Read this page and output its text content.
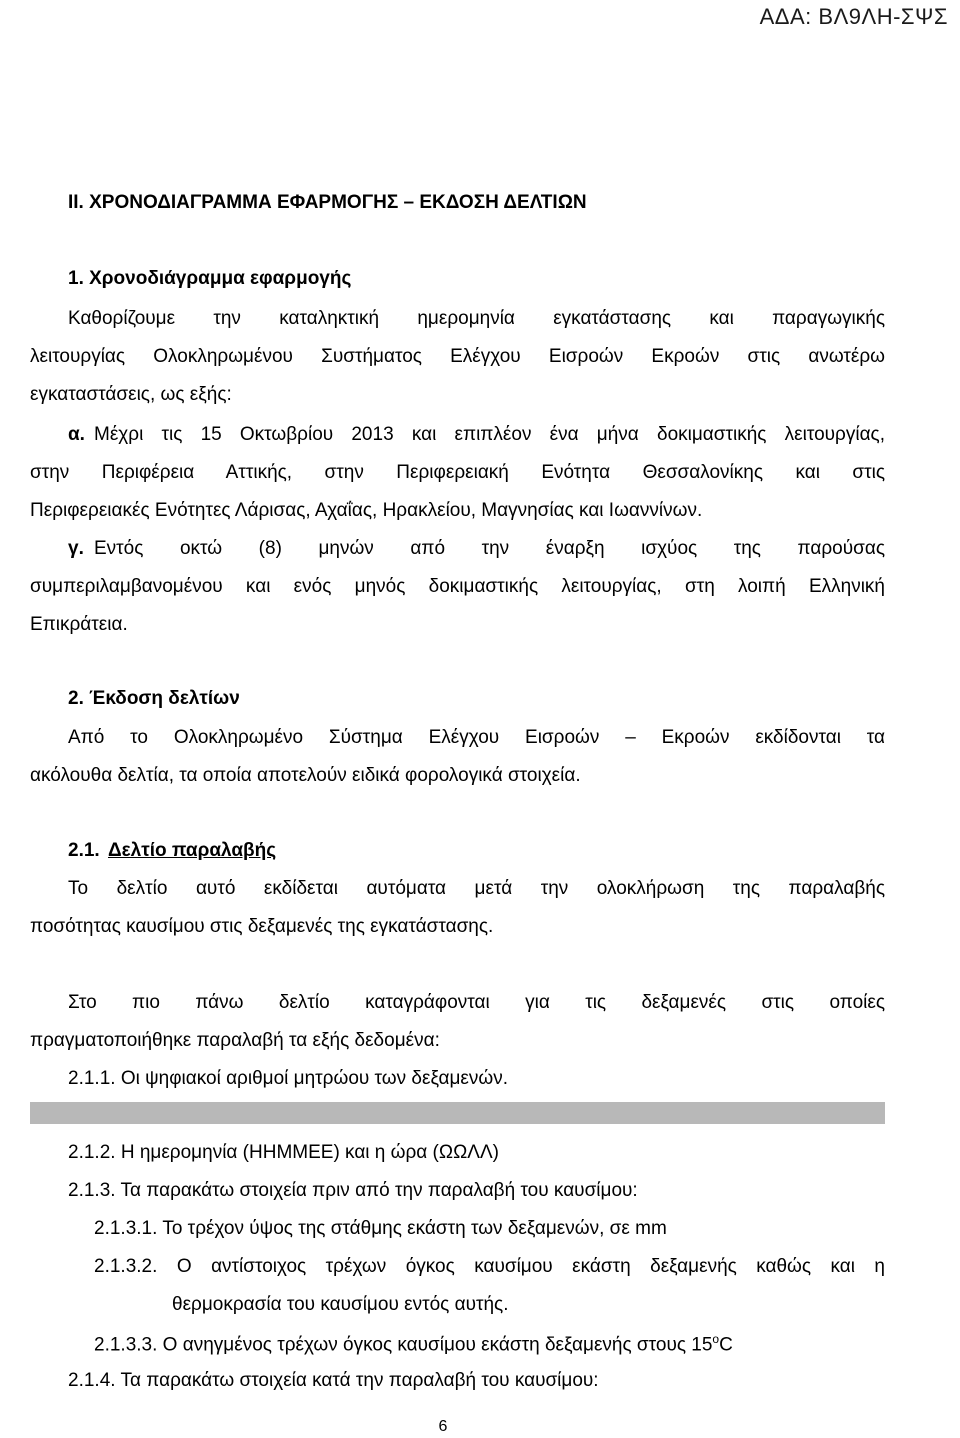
ΑΔΑ: ΒΛ9ΛΗ-ΣΨΣ
ΙΙ. ΧΡΟΝΟΔΙΑΓΡΑΜΜΑ ΕΦΑΡΜΟΓΗΣ – ΕΚΔΟΣΗ ΔΕΛΤΙΩΝ
1. Χρονοδιάγραμμα εφαρμογής
Καθορίζουμε την καταληκτική ημερομηνία εγκατάστασης και παραγωγικής
λειτουργίας Ολοκληρωμένου Συστήματος Ελέγχου Εισροών Εκροών στις ανωτέρω
εγκαταστάσεις, ως εξής:
α. Μέχρι τις 15 Οκτωβρίου 2013 και επιπλέον ένα μήνα δοκιμαστικής λειτουργίας,
στην Περιφέρεια Αττικής, στην Περιφερειακή Ενότητα Θεσσαλονίκης και στις
Περιφερειακές Ενότητες Λάρισας, Αχαΐας, Ηρακλείου, Μαγνησίας και Ιωαννίνων.
γ. Εντός οκτώ (8) μηνών από την έναρξη ισχύος της παρούσας
συμπεριλαμβανομένου και ενός μηνός δοκιμαστικής λειτουργίας, στη λοιπή Ελληνική
Επικράτεια.
2. Έκδοση δελτίων
Από το Ολοκληρωμένο Σύστημα Ελέγχου Εισροών – Εκροών εκδίδονται τα
ακόλουθα δελτία, τα οποία αποτελούν ειδικά φορολογικά στοιχεία.
2.1. Δελτίο παραλαβής
Το δελτίο αυτό εκδίδεται αυτόματα μετά την ολοκλήρωση της παραλαβής
ποσότητας καυσίμου στις δεξαμενές της εγκατάστασης.
Στο πιο πάνω δελτίο καταγράφονται για τις δεξαμενές στις οποίες
πραγματοποιήθηκε παραλαβή τα εξής δεδομένα:
2.1.1. Οι ψηφιακοί αριθμοί μητρώου των δεξαμενών.
2.1.2. Η ημερομηνία (ΗΗΜΜΕΕ) και η ώρα (ΩΩΛΛ)
2.1.3. Τα παρακάτω στοιχεία πριν από την παραλαβή του καυσίμου:
2.1.3.1. Το τρέχον ύψος της στάθμης εκάστη των δεξαμενών, σε mm
2.1.3.2. Ο αντίστοιχος τρέχων όγκος καυσίμου εκάστη δεξαμενής καθώς και η
θερμοκρασία του καυσίμου εντός αυτής.
2.1.3.3. Ο ανηγμένος τρέχων όγκος καυσίμου εκάστη δεξαμενής στους 15$^o$C
2.1.4. Τα παρακάτω στοιχεία κατά την παραλαβή του καυσίμου:
6
